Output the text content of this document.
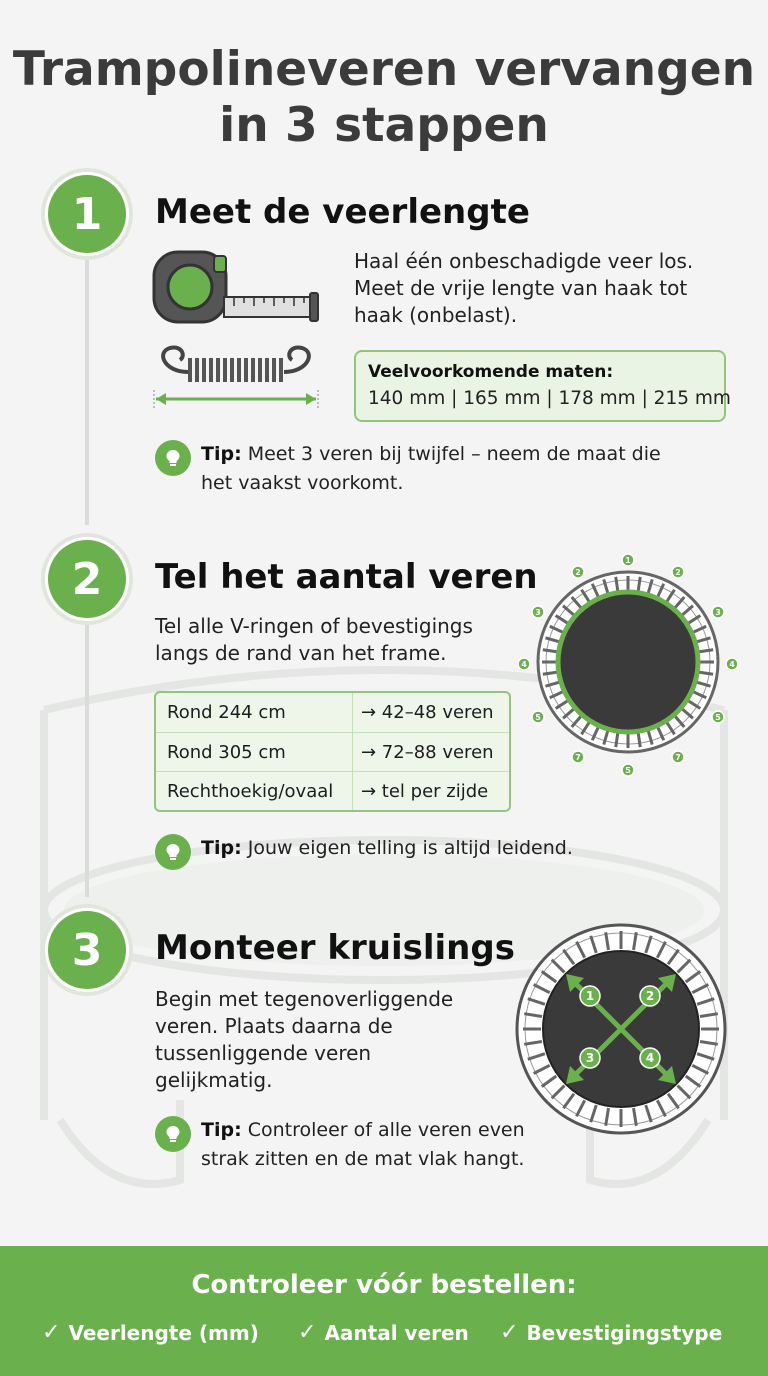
Trampolineveren vervangen
in 3 stappen
1	Meet de veerlengte
Haal één onbeschadigde veer los.
Meet de vrije lengte van haak tot
haak (onbelast).
Veelvoorkomende maten:
140 mm | 165 mm | 178 mm | 215 mm
Tip: Meet 3 veren bij twijfel – neem de maat die
het vaakst voorkomt.
2	Tel het aantal veren
Tel alle V-ringen of bevestigings
langs de rand van het frame.
Rond 244 cm	→ 42–48 veren
Rond 305 cm	→ 72–88 veren
Rechthoekig/ovaal	→ tel per zijde
1
2	2
3	3
4	4
5	5
7	7
5
Tip: Jouw eigen telling is altijd leidend.
3	Monteer kruislings
Begin met tegenoverliggende
veren. Plaats daarna de
tussenliggende veren
gelijkmatig.
1	2
3	4
Tip: Controleer of alle veren even
strak zitten en de mat vlak hangt.
Controleer vóór bestellen:
✓ Veerlengte (mm) ✓ Aantal veren ✓ Bevestigingstype
